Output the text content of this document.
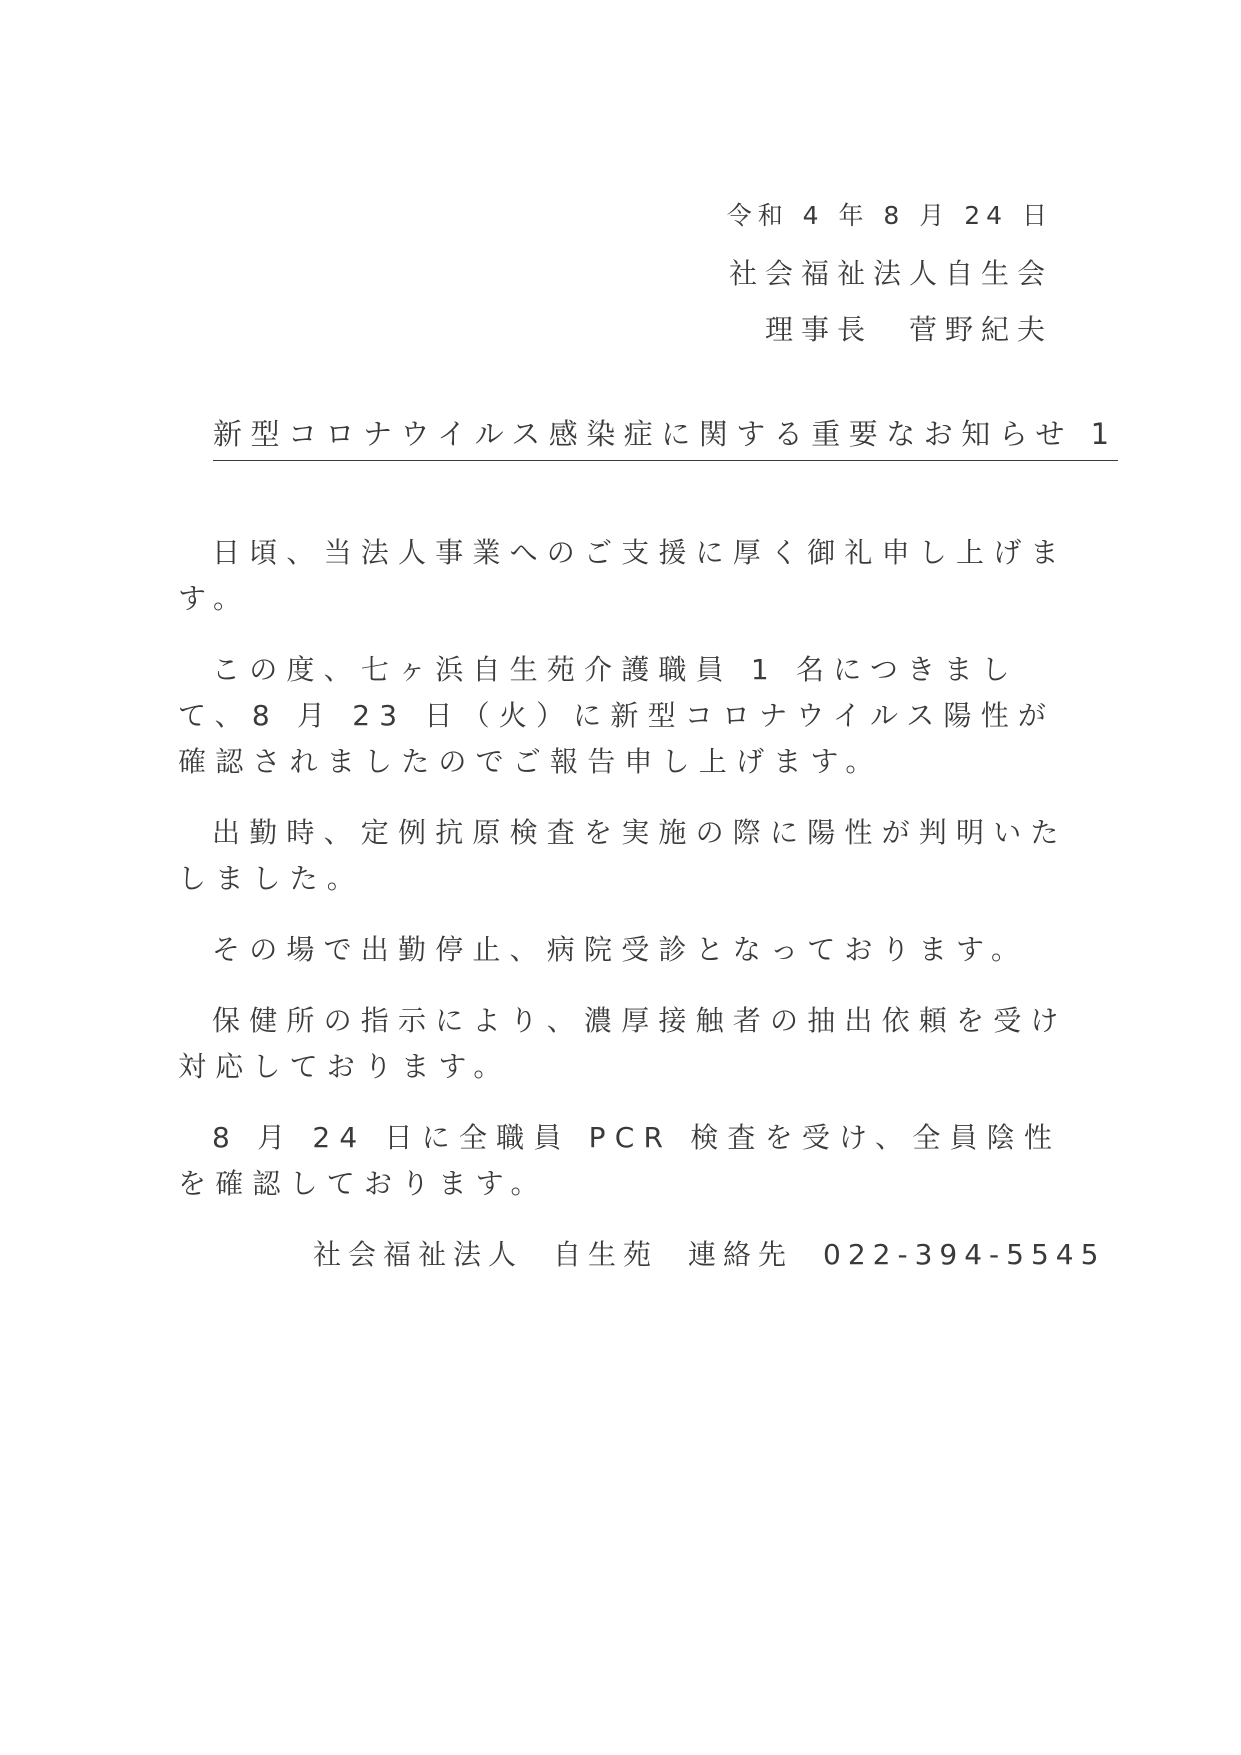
令和 4 年 8 月 24 日
社会福祉法人自生会
理事長 菅野紀夫
新型コロナウイルス感染症に関する重要なお知らせ 1

日頃、当法人事業へのご支援に厚く御礼申し上げます。

この度、七ヶ浜自生苑介護職員 1 名につきまして、8 月 23 日（火）に新型コロナウイルス陽性が確認されましたのでご報告申し上げます。

出勤時、定例抗原検査を実施の際に陽性が判明いたしました。

その場で出勤停止、病院受診となっております。

保健所の指示により、濃厚接触者の抽出依頼を受け対応しております。

8 月 24 日に全職員 PCR 検査を受け、全員陰性を確認しております。

社会福祉法人 自生苑 連絡先 022-394-5545
